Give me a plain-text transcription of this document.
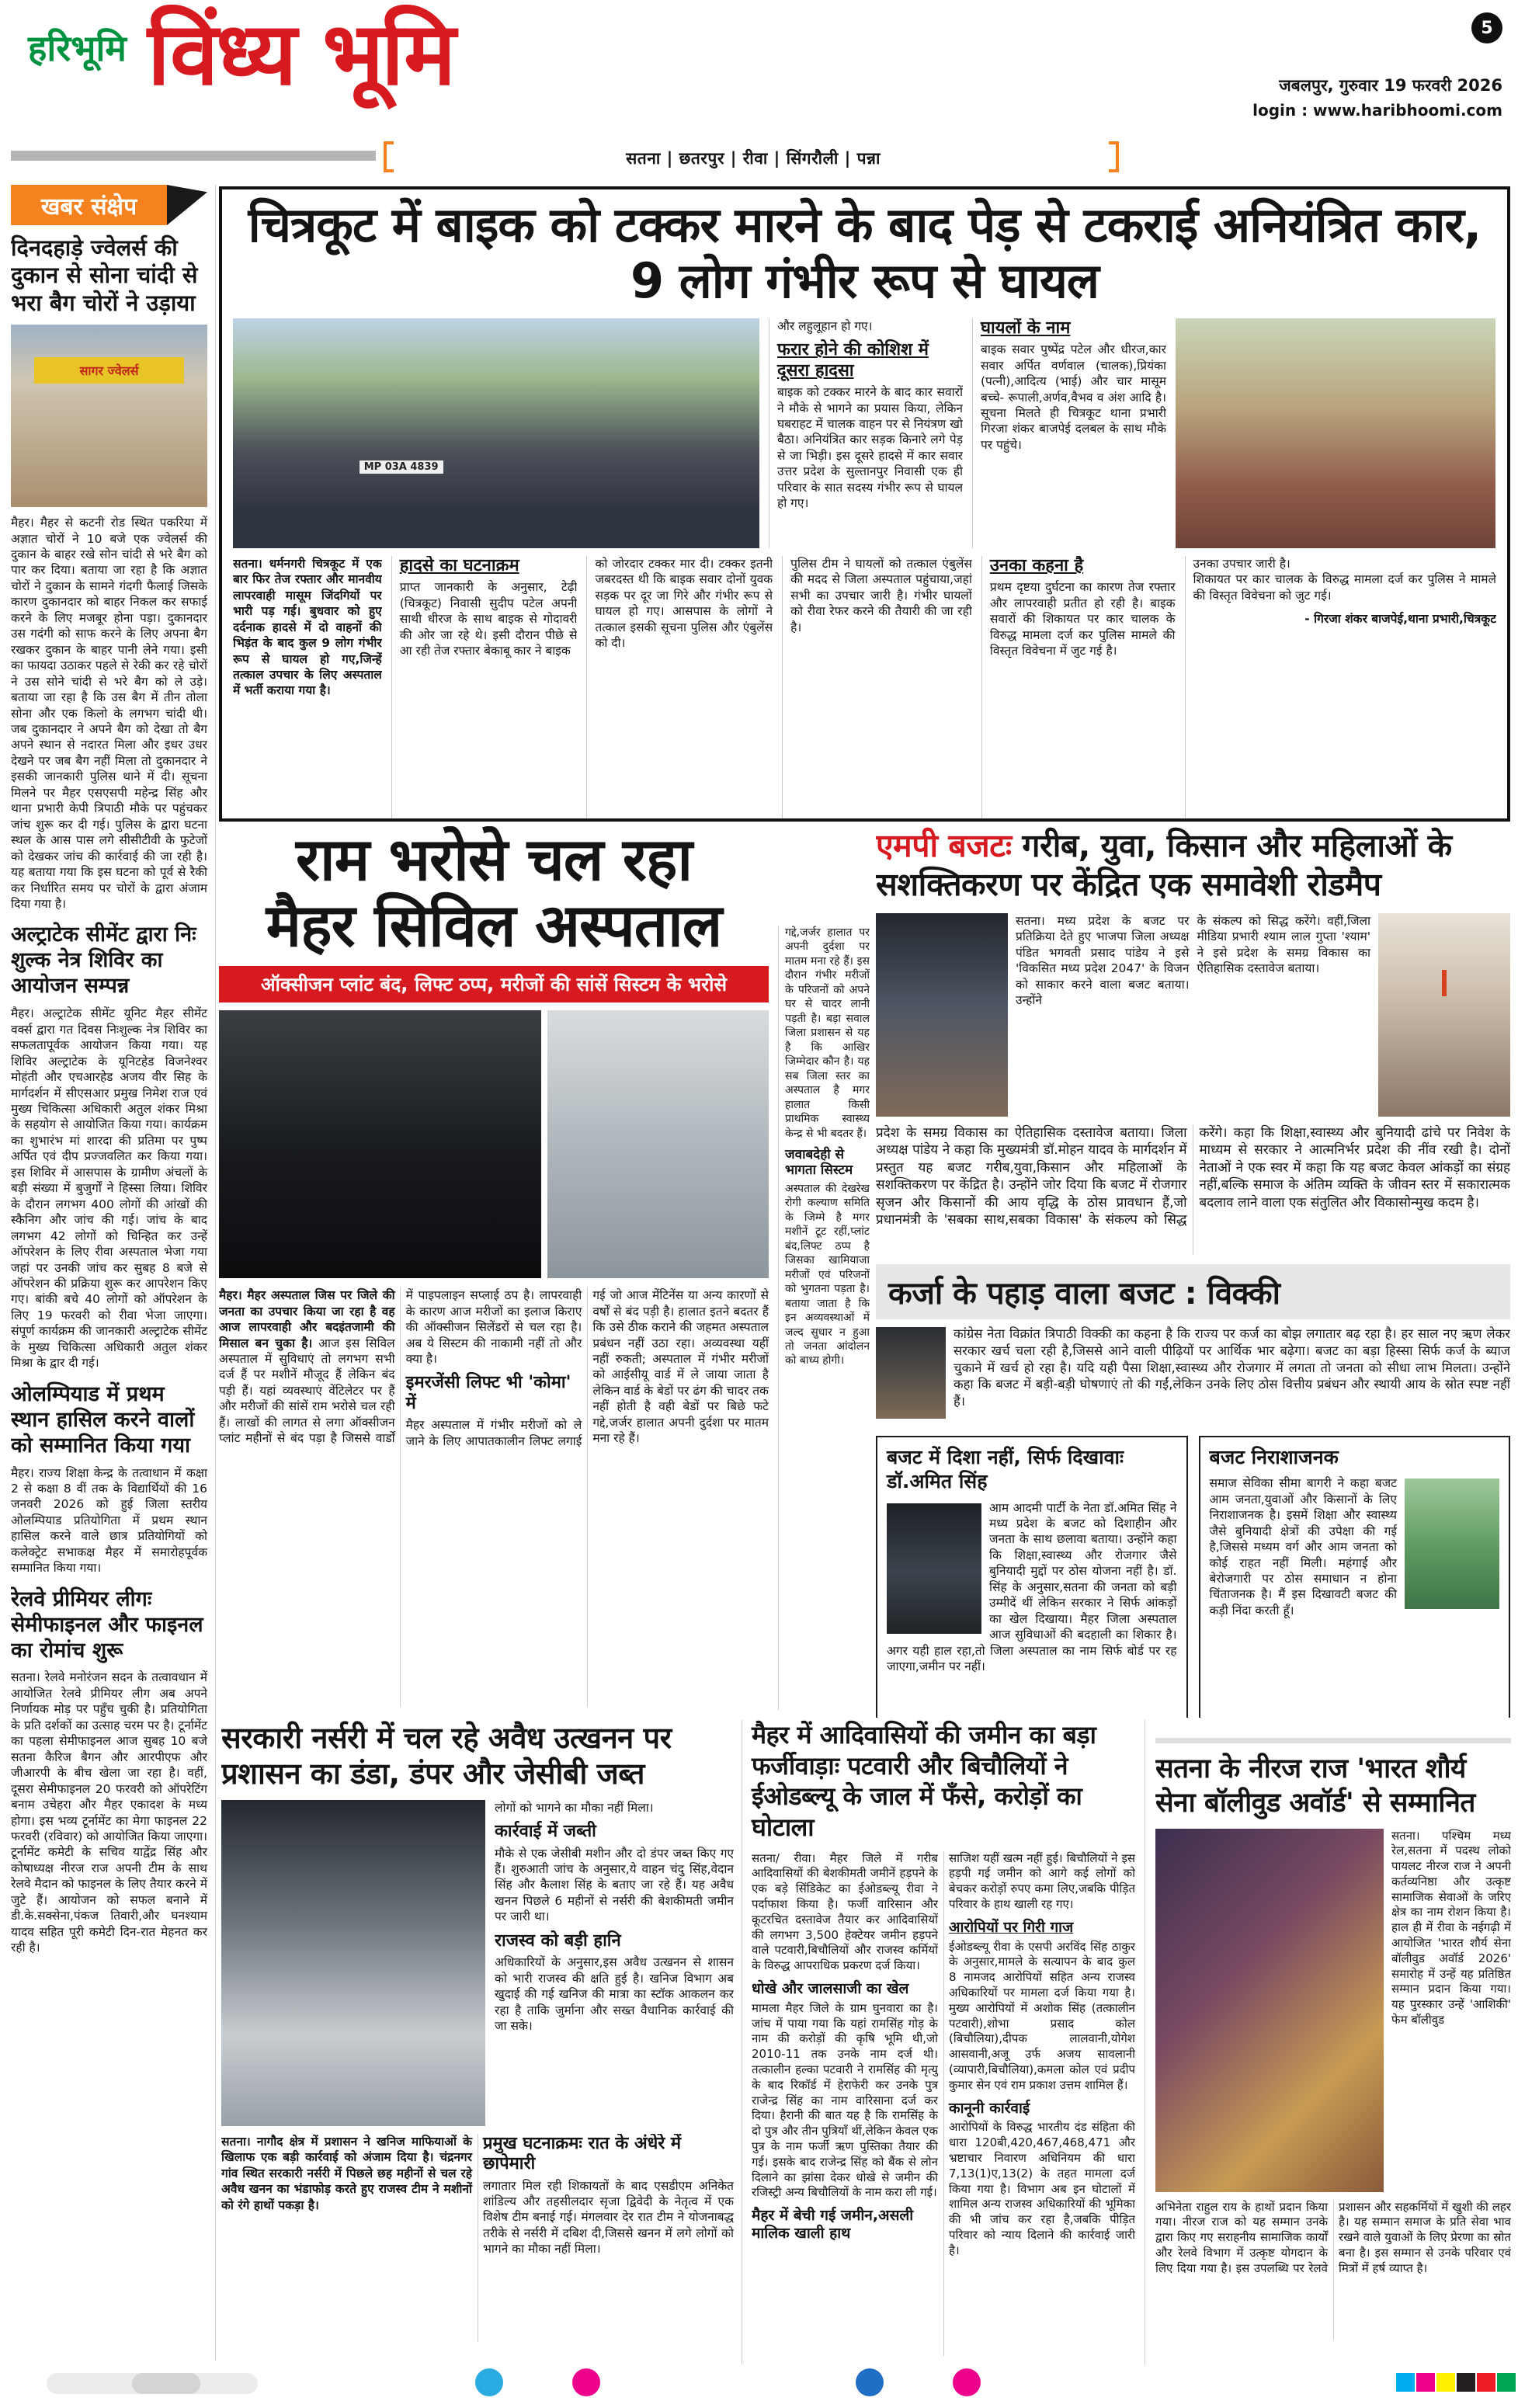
हरिभूमि विंध्य भूमि	5
जबलपुर, गुरुवार 19 फरवरी 2026
login : www.haribhoomi.com
सतना | छतरपुर | रीवा | सिंगरौली | पन्ना
खबर संक्षेप
दिनदहाड़े ज्वेलर्स की दुकान से सोना चांदी से भरा बैग चोरों ने उड़ाया
सागर ज्वेलर्स

मैहर। मैहर से कटनी रोड स्थित पकरिया में अज्ञात चोरों ने 10 बजे एक ज्वेलर्स की दुकान के बाहर रखे सोन चांदी से भरे बैग को पार कर दिया। बताया जा रहा है कि अज्ञात चोरों ने दुकान के सामने गंदगी फैलाई जिसके कारण दुकानदार को बाहर निकल कर सफाई करने के लिए मजबूर होना पड़ा। दुकानदार उस गदंगी को साफ करने के लिए अपना बैग रखकर दुकान के बाहर पानी लेने गया। इसी का फायदा उठाकर पहले से रेकी कर रहे चोरों ने उस सोने चांदी से भरे बैग को ले उड़े। बताया जा रहा है कि उस बैग में तीन तोला सोना और एक किलो के लगभग चांदी थी। जब दुकानदार ने अपने बैग को देखा तो बैग अपने स्थान से नदारत मिला और इधर उधर देखने पर जब बैग नहीं मिला तो दुकानदार ने इसकी जानकारी पुलिस थाने में दी। सूचना मिलने पर मैहर एसएसपी महेन्द्र सिंह और थाना प्रभारी केपी त्रिपाठी मौके पर पहुंचकर जांच शुरू कर दी गई। पुलिस के द्वारा घटना स्थल के आस पास लगे सीसीटीवी के फुटेजों को देखकर जांच की कार्रवाई की जा रही है। यह बताया गया कि इस घटना को पूर्व से रैकी कर निर्धारित समय पर चोरों के द्वारा अंजाम दिया गया है।

अल्ट्राटेक सीमेंट द्वारा निः शुल्क नेत्र शिविर का आयोजन सम्पन्न

मैहर। अल्ट्राटेक सीमेंट यूनिट मैहर सीमेंट वर्क्स द्वारा गत दिवस निःशुल्क नेत्र शिविर का सफलतापूर्वक आयोजन किया गया। यह शिविर अल्ट्राटेक के यूनिटहेड विजनेश्वर मोहंती और एचआरहेड अजय वीर सिह के मार्गदर्शन में सीएसआर प्रमुख निमेश राज एवं मुख्य चिकित्सा अधिकारी अतुल शंकर मिश्रा के सहयोग से आयोजित किया गया। कार्यक्रम का शुभारंभ मां शारदा की प्रतिमा पर पुष्प अर्पित एवं दीप प्रज्जवलित कर किया गया। इस शिविर में आसपास के ग्रामीण अंचलों के बड़ी संख्या में बुजुर्गों ने हिस्सा लिया। शिविर के दौरान लगभग 400 लोगों की आंखों की स्कैनिग और जांच की गई। जांच के बाद लगभग 42 लोगों को चिन्हित कर उन्हें ऑपरेशन के लिए रीवा अस्पताल भेजा गया जहां पर उनकी जांच कर सुबह 8 बजे से ऑपरेशन की प्रक्रिया शुरू कर आपरेशन किए गए। बांकी बचे 40 लोगों को ऑपरेशन के लिए 19 फरवरी को रीवा भेजा जाएगा। संपूर्ण कार्यक्रम की जानकारी अल्ट्राटेक सीमेंट के मुख्य चिकित्सा अधिकारी अतुल शंकर मिश्रा के द्वार दी गई।

ओलम्पियाड में प्रथम स्थान हासिल करने वालों को सम्मानित किया गया

मैहर। राज्य शिक्षा केन्द्र के तत्वाधान में कक्षा 2 से कक्षा 8 वीं तक के विद्यार्थियों की 16 जनवरी 2026 को हुई जिला स्तरीय ओलम्पियाड प्रतियोगिता में प्रथम स्थान हासिल करने वाले छात्र प्रतियोगियों को कलेक्ट्रेट सभाकक्ष मैहर में समारोहपूर्वक सम्मानित किया गया।

रेलवे प्रीमियर लीगः सेमीफाइनल और फाइनल का रोमांच शुरू

सतना। रेलवे मनोरंजन सदन के तत्वावधान में आयोजित रेलवे प्रीमियर लीग अब अपने निर्णायक मोड़ पर पहुँच चुकी है। प्रतियोगिता के प्रति दर्शकों का उत्साह चरम पर है। टूर्नामेंट का पहला सेमीफाइनल आज सुबह 10 बजे सतना कैरिज बैगन और आरपीएफ और जीआरपी के बीच खेला जा रहा है। वहीं, दूसरा सेमीफाइनल 20 फरवरी को ऑपरेटिंग बनाम उचेहरा और मैहर एकादश के मध्य होगा। इस भव्य टूर्नामेंट का मेगा फाइनल 22 फरवरी (रविवार) को आयोजित किया जाएगा। टूर्नामेंट कमेटी के सचिव याद्वेंद्र सिंह और कोषाध्यक्ष नीरज राज अपनी टीम के साथ रेलवे मैदान को फाइनल के लिए तैयार करने में जुटे हैं। आयोजन को सफल बनाने में डी.के.सक्सेना,पंकज तिवारी,और घनश्याम यादव सहित पूरी कमेटी दिन-रात मेहनत कर रही है।

चित्रकूट में बाइक को टक्कर मारने के बाद पेड़ से टकराई अनियंत्रित कार, 9 लोग गंभीर रूप से घायल
MP 03A 4839

और लहुलूहान हो गए।

फरार होने की कोशिश में दूसरा हादसा

बाइक को टक्कर मारने के बाद कार सवारों ने मौके से भागने का प्रयास किया, लेकिन घबराहट में चालक वाहन पर से नियंत्रण खो बैठा। अनियंत्रित कार सड़क किनारे लगे पेड़ से जा भिड़ी। इस दूसरे हादसे में कार सवार उत्तर प्रदेश के सुल्तानपुर निवासी एक ही परिवार के सात सदस्य गंभीर रूप से घायल हो गए।

घायलों के नाम

बाइक सवार पुष्पेंद्र पटेल और धीरज,कार सवार अर्पित वर्णवाल (चालक),प्रियंका (पत्नी),आदित्य (भाई) और चार मासूम बच्चे- रूपाली,अर्णव,वैभव व अंश आदि है। सूचना मिलते ही चित्रकूट थाना प्रभारी गिरजा शंकर बाजपेई दलबल के साथ मौके पर पहुंचे।

सतना। धर्मनगरी चित्रकूट में एक बार फिर तेज रफ्तार और मानवीय लापरवाही मासूम जिंदगियों पर भारी पड़ गई। बुधवार को हुए दर्दनाक हादसे में दो वाहनों की भिड़ंत के बाद कुल 9 लोग गंभीर रूप से घायल हो गए,जिन्हें तत्काल उपचार के लिए अस्पताल में भर्ती कराया गया है।

हादसे का घटनाक्रम

प्राप्त जानकारी के अनुसार, टेढ़ी (चित्रकूट) निवासी सुदीप पटेल अपनी साथी धीरज के साथ बाइक से गोदावरी की ओर जा रहे थे। इसी दौरान पीछे से आ रही तेज रफ्तार बेकाबू कार ने बाइक

को जोरदार टक्कर मार दी। टक्कर इतनी जबरदस्त थी कि बाइक सवार दोनों युवक सड़क पर दूर जा गिरे और गंभीर रूप से घायल हो गए। आसपास के लोगों ने तत्काल इसकी सूचना पुलिस और एंबुलेंस को दी।

पुलिस टीम ने घायलों को तत्काल एंबुलेंस की मदद से जिला अस्पताल पहुंचाया,जहां सभी का उपचार जारी है। गंभीर घायलों को रीवा रेफर करने की तैयारी की जा रही है।

उनका कहना है

प्रथम दृष्टया दुर्घटना का कारण तेज रफ्तार और लापरवाही प्रतीत हो रही है। बाइक सवारों की शिकायत पर कार चालक के विरुद्ध मामला दर्ज कर पुलिस मामले की विस्तृत विवेचना में जुट गई है।

उनका उपचार जारी है।

शिकायत पर कार चालक के विरुद्ध मामला दर्ज कर पुलिस ने मामले की विस्तृत विवेचना को जुट गई।

- गिरजा शंकर बाजपेई,थाना प्रभारी,चित्रकूट

राम भरोसे चल रहा
मैहर सिविल अस्पताल
ऑक्सीजन प्लांट बंद, लिफ्ट ठप्प, मरीजों की सांसें सिस्टम के भरोसे

मैहर। मैहर अस्पताल जिस पर जिले की जनता का उपचार किया जा रहा है वह आज लापरवाही और बदइंतजामी की मिसाल बन चुका है। आज इस सिविल अस्पताल में सुविधाएं तो लगभग सभी दर्ज हैं पर मशीनें मौजूद हैं लेकिन बंद पड़ी हैं। यहां व्यवस्थाएं वेंटिलेटर पर हैं और मरीजों की सांसें राम भरोसे चल रही हैं। लाखों की लागत से लगा ऑक्सीजन प्लांट महीनों से बंद पड़ा है जिससे वार्डों में पाइपलाइन सप्लाई ठप है। लापरवाही के कारण आज मरीजों का इलाज किराए की ऑक्सीजन सिलेंडरों से चल रहा है। अब ये सिस्टम की नाकामी नहीं तो और क्या है।

इमरजेंसी लिफ्ट भी 'कोमा' में

मैहर अस्पताल में गंभीर मरीजों को ले जाने के लिए आपातकालीन लिफ्ट लगाई गई जो आज मेंटिनेंस या अन्य कारणों से वर्षों से बंद पड़ी है। हालात इतने बदतर हैं कि उसे ठीक कराने की जहमत अस्पताल प्रबंधन नहीं उठा रहा। अव्यवस्था यहीं नहीं रुकती; अस्पताल में गंभीर मरीजों को आईसीयू वार्ड में ले जाया जाता है लेकिन वार्ड के बेडों पर ढंग की चादर तक नहीं होती है वही बेडों पर बिछे फटे गद्दे,जर्जर हालात अपनी दुर्दशा पर मातम मना रहे हैं।

गद्दे,जर्जर हालात पर अपनी दुर्दशा पर मातम मना रहे हैं। इस दौरान गंभीर मरीजों के परिजनों को अपने घर से चादर लानी पड़ती है। बड़ा सवाल जिला प्रशासन से यह है कि आखिर जिम्मेदार कौन है। यह सब जिला स्तर का अस्पताल है मगर हालात किसी प्राथमिक स्वास्थ्य केन्द्र से भी बदतर हैं।

जवाबदेही से भागता सिस्टम

अस्पताल की देखरेख रोगी कल्याण समिति के जिम्मे है मगर मशीनें टूट रहीं,प्लांट बंद,लिफ्ट ठप्प है जिसका खामियाजा मरीजों एवं परिजनों को भुगतना पड़ता है। बताया जाता है कि इन अव्यवस्थाओं में जल्द सुधार न हुआ तो जनता आंदोलन को बाध्य होगी।

एमपी बजटः गरीब, युवा, किसान और महिलाओं के सशक्तिकरण पर केंद्रित एक समावेशी रोडमैप

सतना। मध्य प्रदेश के बजट पर प्रतिक्रिया देते हुए भाजपा जिला अध्यक्ष पंडित भगवती प्रसाद पांडेय ने इसे 'विकसित मध्य प्रदेश 2047' के विजन को साकार करने वाला बजट बताया। उन्होंने

के संकल्प को सिद्ध करेंगे। वहीं,जिला मीडिया प्रभारी श्याम लाल गुप्ता 'श्याम' ने इसे प्रदेश के समग्र विकास का ऐतिहासिक दस्तावेज बताया।

प्रदेश के समग्र विकास का ऐतिहासिक दस्तावेज बताया। जिला अध्यक्ष पांडेय ने कहा कि मुख्यमंत्री डॉ.मोहन यादव के मार्गदर्शन में प्रस्तुत यह बजट गरीब,युवा,किसान और महिलाओं के सशक्तिकरण पर केंद्रित है। उन्होंने जोर दिया कि बजट में रोजगार सृजन और किसानों की आय वृद्धि के ठोस प्रावधान हैं,जो प्रधानमंत्री के 'सबका साथ,सबका विकास' के संकल्प को सिद्ध करेंगे। कहा कि शिक्षा,स्वास्थ्य और बुनियादी ढांचे पर निवेश के माध्यम से सरकार ने आत्मनिर्भर प्रदेश की नींव रखी है। दोनों नेताओं ने एक स्वर में कहा कि यह बजट केवल आंकड़ों का संग्रह नहीं,बल्कि समाज के अंतिम व्यक्ति के जीवन स्तर में सकारात्मक बदलाव लाने वाला एक संतुलित और विकासोन्मुख कदम है।

कर्जा के पहाड़ वाला बजट : विक्की

कांग्रेस नेता विक्रांत त्रिपाठी विक्की का कहना है कि राज्य पर कर्ज का बोझ लगातार बढ़ रहा है। हर साल नए ऋण लेकर सरकार खर्च चला रही है,जिससे आने वाली पीढ़ियों पर आर्थिक भार बढ़ेगा। बजट का बड़ा हिस्सा सिर्फ कर्ज के ब्याज चुकाने में खर्च हो रहा है। यदि यही पैसा शिक्षा,स्वास्थ्य और रोजगार में लगता तो जनता को सीधा लाभ मिलता। उन्होंने कहा कि बजट में बड़ी-बड़ी घोषणाएं तो की गईं,लेकिन उनके लिए ठोस वित्तीय प्रबंधन और स्थायी आय के स्रोत स्पष्ट नहीं हैं।

बजट में दिशा नहीं, सिर्फ दिखावाः डॉ.अमित सिंह

आम आदमी पार्टी के नेता डॉ.अमित सिंह ने मध्य प्रदेश के बजट को दिशाहीन और जनता के साथ छलावा बताया। उन्होंने कहा कि शिक्षा,स्वास्थ्य और रोजगार जैसे बुनियादी मुद्दों पर ठोस योजना नहीं है। डॉ. सिंह के अनुसार,सतना की जनता को बड़ी उम्मीदें थीं लेकिन सरकार ने सिर्फ आंकड़ों का खेल दिखाया। मैहर जिला अस्पताल आज सुविधाओं की बदहाली का शिकार है। अगर यही हाल रहा,तो जिला अस्पताल का नाम सिर्फ बोर्ड पर रह जाएगा,जमीन पर नहीं।

बजट निराशाजनक

समाज सेविका सीमा बागरी ने कहा बजट आम जनता,युवाओं और किसानों के लिए निराशाजनक है। इसमें शिक्षा और स्वास्थ्य जैसे बुनियादी क्षेत्रों की उपेक्षा की गई है,जिससे मध्यम वर्ग और आम जनता को कोई राहत नहीं मिली। महंगाई और बेरोजगारी पर ठोस समाधान न होना चिंताजनक है। मैं इस दिखावटी बजट की कड़ी निंदा करती हूँ।

सरकारी नर्सरी में चल रहे अवैध उत्खनन पर प्रशासन का डंडा, डंपर और जेसीबी जब्त

लोगों को भागने का मौका नहीं मिला।

कार्रवाई में जब्ती

मौके से एक जेसीबी मशीन और दो डंपर जब्त किए गए हैं। शुरुआती जांच के अनुसार,ये वाहन चंदु सिंह,वेदान सिंह और कैलाश सिंह के बताए जा रहे हैं। यह अवैध खनन पिछले 6 महीनों से नर्सरी की बेशकीमती जमीन पर जारी था।

राजस्व को बड़ी हानि

अधिकारियों के अनुसार,इस अवैध उत्खनन से शासन को भारी राजस्व की क्षति हुई है। खनिज विभाग अब खुदाई की गई खनिज की मात्रा का स्टॉक आकलन कर रहा है ताकि जुर्माना और सख्त वैधानिक कार्रवाई की जा सके।

सतना। नागौद क्षेत्र में प्रशासन ने खनिज माफियाओं के खिलाफ एक बड़ी कार्रवाई को अंजाम दिया है। चंद्रनगर गांव स्थित सरकारी नर्सरी में पिछले छह महीनों से चल रहे अवैध खनन का भंडाफोड़ करते हुए राजस्व टीम ने मशीनों को रंगे हाथों पकड़ा है।

प्रमुख घटनाक्रमः रात के अंधेरे में छापेमारी

लगातार मिल रही शिकायतों के बाद एसडीएम अनिकेत शांडिल्य और तहसीलदार सृजा द्विवेदी के नेतृत्व में एक विशेष टीम बनाई गई। मंगलवार देर रात टीम ने योजनाबद्ध तरीके से नर्सरी में दबिश दी,जिससे खनन में लगे लोगों को भागने का मौका नहीं मिला।

मैहर में आदिवासियों की जमीन का बड़ा फर्जीवाड़ाः पटवारी और बिचौलियों ने ईओडब्ल्यू के जाल में फँसे, करोड़ों का घोटाला

सतना/ रीवा। मैहर जिले में गरीब आदिवासियों की बेशकीमती जमीनें हड़पने के एक बड़े सिंडिकेट का ईओडब्ल्यू रीवा ने पर्दाफाश किया है। फर्जी वारिसान और कूटरचित दस्तावेज तैयार कर आदिवासियों की लगभग 3,500 हेक्टेयर जमीन हड़पने वाले पटवारी,बिचौलियों और राजस्व कर्मियों के विरुद्ध आपराधिक प्रकरण दर्ज किया।

धोखे और जालसाजी का खेल

मामला मैहर जिले के ग्राम घुनवारा का है। जांच में पाया गया कि यहां रामसिंह गोड़ के नाम की करोड़ों की कृषि भूमि थी,जो 2010-11 तक उनके नाम दर्ज थी। तत्कालीन हल्का पटवारी ने रामसिंह की मृत्यु के बाद रिकॉर्ड में हेराफेरी कर उनके पुत्र राजेन्द्र सिंह का नाम वारिसाना दर्ज कर दिया। हैरानी की बात यह है कि रामसिंह के दो पुत्र और तीन पुत्रियाँ थीं,लेकिन केवल एक पुत्र के नाम फर्जी ऋण पुस्तिका तैयार की गई। इसके बाद राजेन्द्र सिंह को बैंक से लोन दिलाने का झांसा देकर धोखे से जमीन की रजिस्ट्री अन्य बिचौलियों के नाम करा ली गई।

मैहर में बेची गई जमीन,असली मालिक खाली हाथ

साजिश यहीं खत्म नहीं हुई। बिचौलियों ने इस हड़पी गई जमीन को आगे कई लोगों को बेचकर करोड़ों रुपए कमा लिए,जबकि पीड़ित परिवार के हाथ खाली रह गए।

आरोपियों पर गिरी गाज

ईओडब्ल्यू रीवा के एसपी अरविंद सिंह ठाकुर के अनुसार,मामले के सत्यापन के बाद कुल 8 नामजद आरोपियों सहित अन्य राजस्व अधिकारियों पर मामला दर्ज किया गया है। मुख्य आरोपियों में अशोक सिंह (तत्कालीन पटवारी),शोभा प्रसाद कोल (बिचौलिया),दीपक लालवानी,योगेश आसवानी,अजू उर्फ अजय सावलानी (व्यापारी,बिचौलिया),कमला कोल एवं प्रदीप कुमार सेन एवं राम प्रकाश उत्तम शामिल हैं।

कानूनी कार्रवाई

आरोपियों के विरुद्ध भारतीय दंड संहिता की धारा 120बी,420,467,468,471 और भ्रष्टाचार निवारण अधिनियम की धारा 7,13(1)ए,13(2) के तहत मामला दर्ज किया गया है। विभाग अब इन घोटालों में शामिल अन्य राजस्व अधिकारियों की भूमिका की भी जांच कर रहा है,जबकि पीड़ित परिवार को न्याय दिलाने की कार्रवाई जारी है।

सतना के नीरज राज 'भारत शौर्य सेना बॉलीवुड अवॉर्ड' से सम्मानित

सतना। पश्चिम मध्य रेल,सतना में पदस्थ लोको पायलट नीरज राज ने अपनी कर्तव्यनिष्ठा और उत्कृष्ट सामाजिक सेवाओं के जरिए क्षेत्र का नाम रोशन किया है। हाल ही में रीवा के नईगढ़ी में आयोजित 'भारत शौर्य सेना बॉलीवुड अवॉर्ड 2026' समारोह में उन्हें यह प्रतिष्ठित सम्मान प्रदान किया गया। यह पुरस्कार उन्हें 'आशिकी' फेम बॉलीवुड

अभिनेता राहुल राय के हाथों प्रदान किया गया। नीरज राज को यह सम्मान उनके द्वारा किए गए सराहनीय सामाजिक कार्यों और रेलवे विभाग में उत्कृष्ट योगदान के लिए दिया गया है। इस उपलब्धि पर रेलवे प्रशासन और सहकर्मियों में खुशी की लहर है। यह सम्मान समाज के प्रति सेवा भाव रखने वाले युवाओं के लिए प्रेरणा का स्रोत बना है। इस सम्मान से उनके परिवार एवं मित्रों में हर्ष व्याप्त है।
